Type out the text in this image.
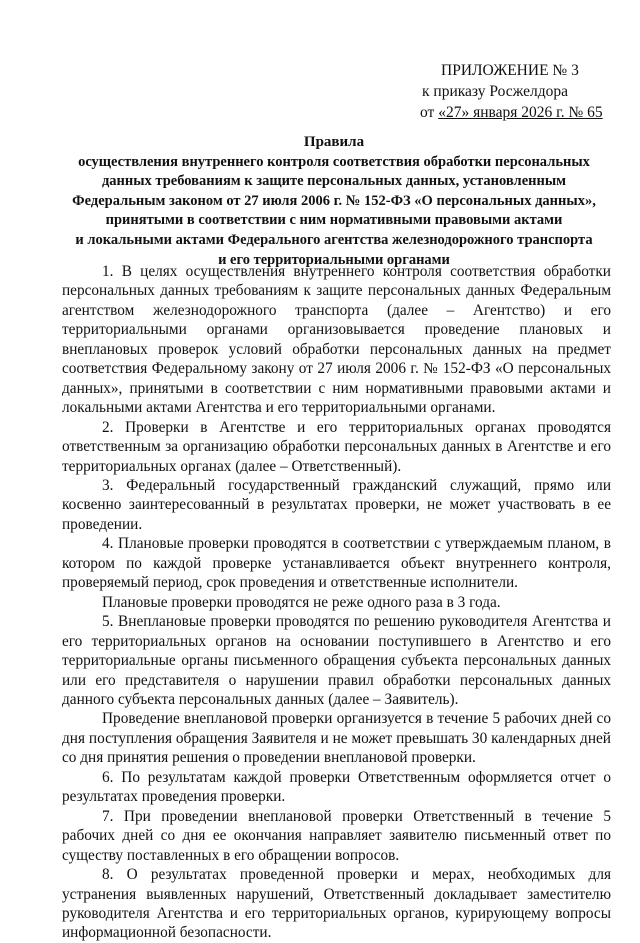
ПРИЛОЖЕНИЕ № 3
к приказу Росжелдора
от «27» января 2026 г. № 65
Правила
осуществления внутреннего контроля соответствия обработки персональных
данных требованиям к защите персональных данных, установленным
Федеральным законом от 27 июля 2006 г. № 152-ФЗ «О персональных данных»,
принятыми в соответствии с ним нормативными правовыми актами
и локальными актами Федерального агентства железнодорожного транспорта
и его территориальными органами

1. В целях осуществления внутреннего контроля соответствия обработки персональных данных требованиям к защите персональных данных Федеральным агентством железнодорожного транспорта (далее – Агентство) и его территориальными органами организовывается проведение плановых и внеплановых проверок условий обработки персональных данных на предмет соответствия Федеральному закону от 27 июля 2006 г. № 152-ФЗ «О персональных данных», принятыми в соответствии с ним нормативными правовыми актами и локальными актами Агентства и его территориальными органами.

2. Проверки в Агентстве и его территориальных органах проводятся ответственным за организацию обработки персональных данных в Агентстве и его территориальных органах (далее – Ответственный).

3. Федеральный государственный гражданский служащий, прямо или косвенно заинтересованный в результатах проверки, не может участвовать в ее проведении.

4. Плановые проверки проводятся в соответствии с утверждаемым планом, в котором по каждой проверке устанавливается объект внутреннего контроля, проверяемый период, срок проведения и ответственные исполнители.

Плановые проверки проводятся не реже одного раза в 3 года.

5. Внеплановые проверки проводятся по решению руководителя Агентства и его территориальных органов на основании поступившего в Агентство и его территориальные органы письменного обращения субъекта персональных данных или его представителя о нарушении правил обработки персональных данных данного субъекта персональных данных (далее – Заявитель).

Проведение внеплановой проверки организуется в течение 5 рабочих дней со дня поступления обращения Заявителя и не может превышать 30 календарных дней со дня принятия решения о проведении внеплановой проверки.

6. По результатам каждой проверки Ответственным оформляется отчет о результатах проведения проверки.

7. При проведении внеплановой проверки Ответственный в течение 5 рабочих дней со дня ее окончания направляет заявителю письменный ответ по существу поставленных в его обращении вопросов.

8. О результатах проведенной проверки и мерах, необходимых для устранения выявленных нарушений, Ответственный докладывает заместителю руководителя Агентства и его территориальных органов, курирующему вопросы информационной безопасности.
